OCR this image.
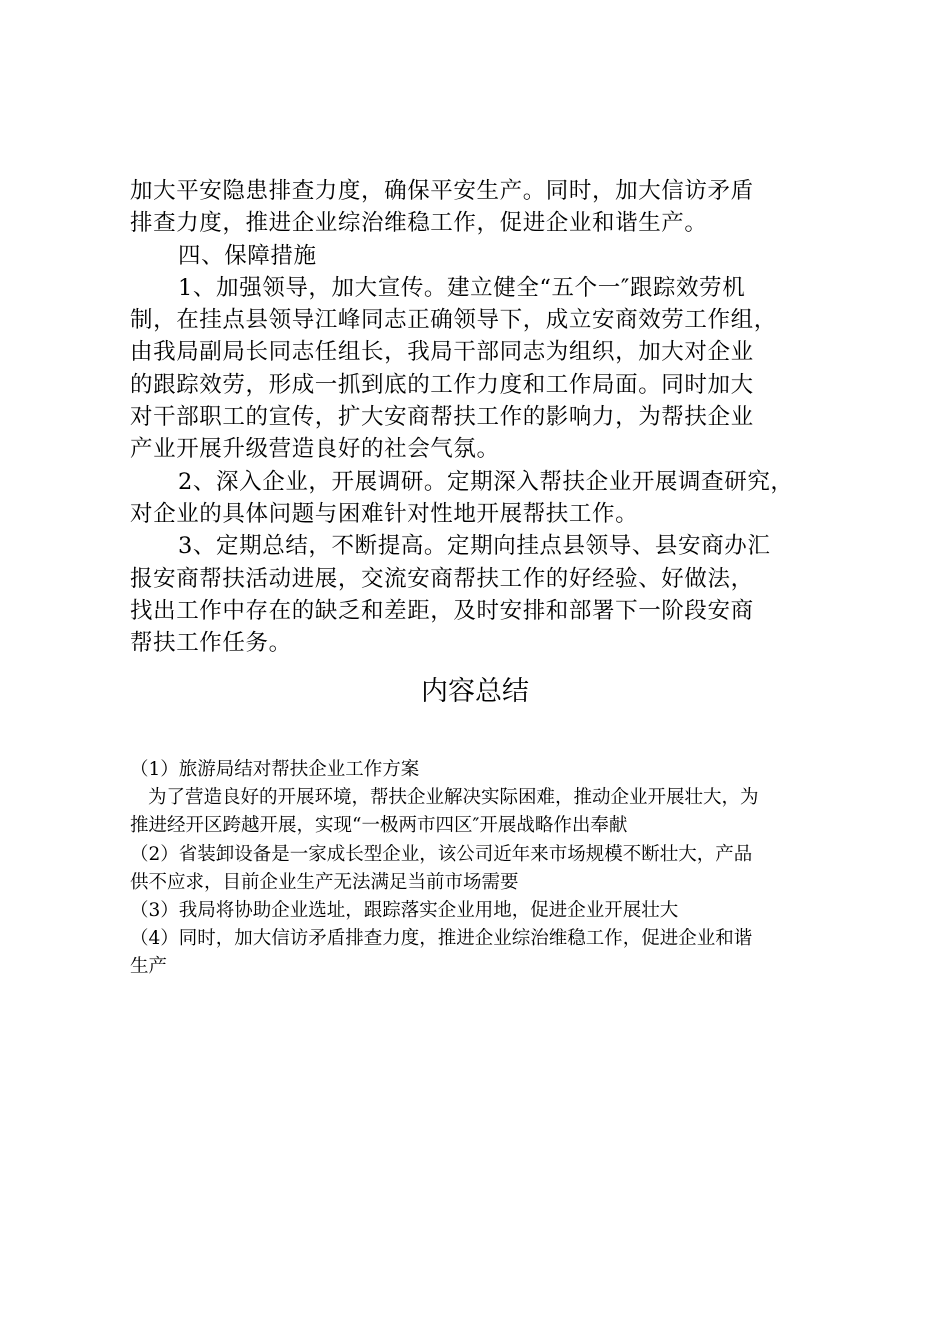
加大平安隐患排查力度，确保平安生产。同时，加大信访矛盾
排查力度，推进企业综治维稳工作，促进企业和谐生产。
四、保障措施
1、加强领导，加大宣传。建立健全“五个一″跟踪效劳机
制，在挂点县领导江峰同志正确领导下，成立安商效劳工作组，
由我局副局长同志任组长，我局干部同志为组织，加大对企业
的跟踪效劳，形成一抓到底的工作力度和工作局面。同时加大
对干部职工的宣传，扩大安商帮扶工作的影响力，为帮扶企业
产业开展升级营造良好的社会气氛。
2、深入企业，开展调研。定期深入帮扶企业开展调查研究，
对企业的具体问题与困难针对性地开展帮扶工作。
3、定期总结，不断提高。定期向挂点县领导、县安商办汇
报安商帮扶活动进展，交流安商帮扶工作的好经验、好做法，
找出工作中存在的缺乏和差距，及时安排和部署下一阶段安商
帮扶工作任务。
内容总结
（1）旅游局结对帮扶企业工作方案
为了营造良好的开展环境，帮扶企业解决实际困难，推动企业开展壮大，为
推进经开区跨越开展，实现“一极两市四区″开展战略作出奉献
（2）省装卸设备是一家成长型企业，该公司近年来市场规模不断壮大，产品
供不应求，目前企业生产无法满足当前市场需要
（3）我局将协助企业选址，跟踪落实企业用地，促进企业开展壮大
（4）同时，加大信访矛盾排查力度，推进企业综治维稳工作，促进企业和谐
生产
